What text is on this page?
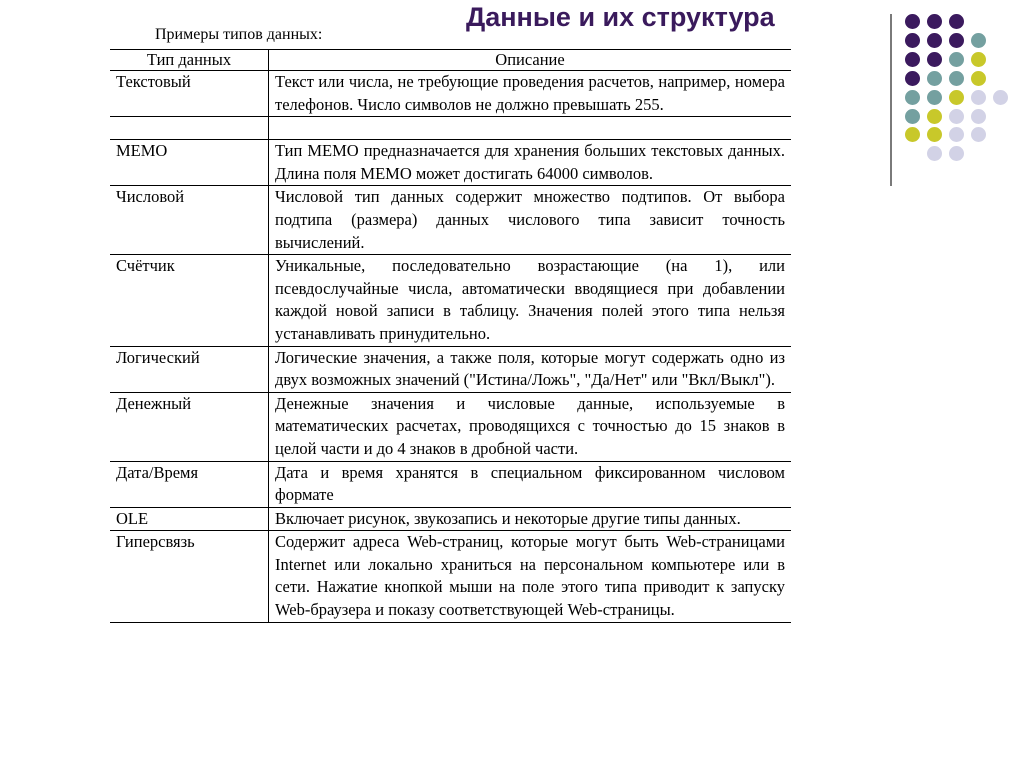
Данные и их структура
Примеры типов данных:
Тип данных	Описание
Текстовый	Текст или числа, не требующие проведения расчетов, например, номера телефонов. Число символов не должно превышать 255.

МЕМО	Тип МЕМО предназначается для хранения больших текстовых данных. Длина поля МЕМО может достигать 64000 символов.
Числовой	Числовой тип данных содержит множество подтипов. От выбора подтипа (размера) данных числового типа зависит точность вычислений.
Счётчик	Уникальные, последовательно возрастающие (на 1), или псевдослучайные числа, автоматически вводящиеся при добавлении каждой новой записи в таблицу. Значения полей этого типа нельзя устанавливать принудительно.
Логический	Логические значения, а также поля, которые могут содержать одно из двух возможных значений ("Истина/Ложь", "Да/Нет" или "Вкл/Выкл").
Денежный	Денежные значения и числовые данные, используемые в математических расчетах, проводящихся с точностью до 15 знаков в целой части и до 4 знаков в дробной части.
Дата/Время	Дата и время хранятся в специальном фиксированном числовом формате
OLE	Включает рисунок, звукозапись и некоторые другие типы данных.
Гиперсвязь	Содержит адреса Web-страниц, которые могут быть Web-страницами Internet или локально храниться на персональном компьютере или в сети. Нажатие кнопкой мыши на поле этого типа приводит к запуску Web-браузера и показу соответствующей Web-страницы.
